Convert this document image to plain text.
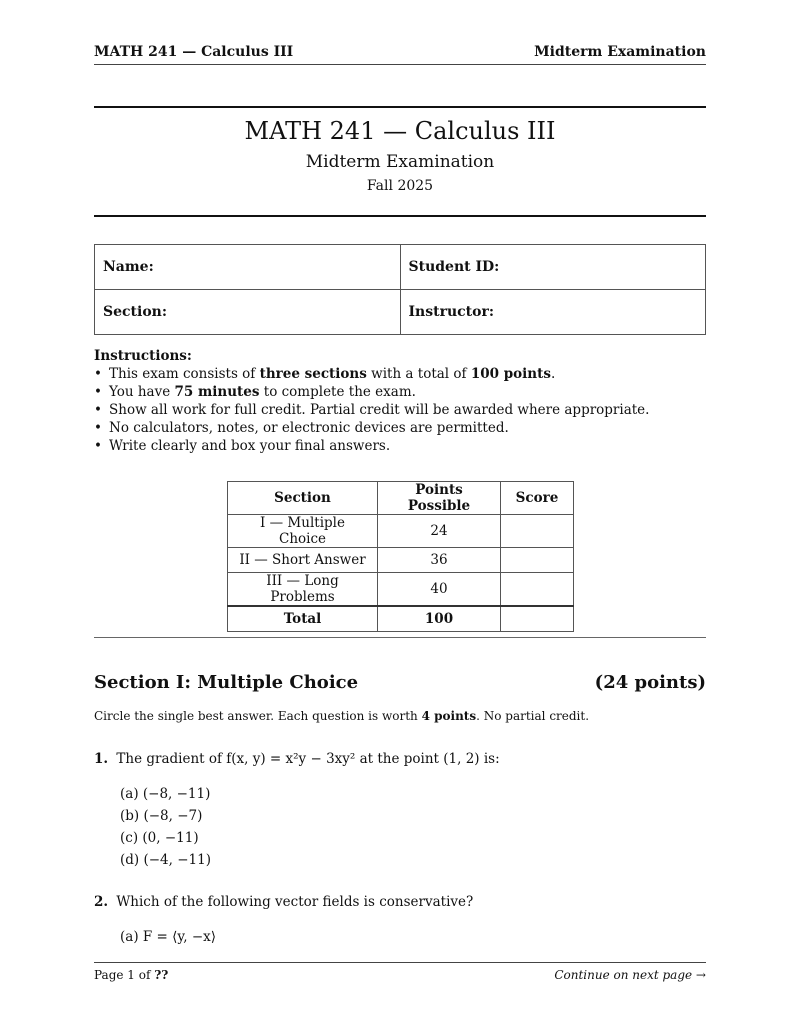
MATH 241 — Calculus III	Midterm Examination
MATH 241 — Calculus III
Midterm Examination
Fall 2025
Name:	Student ID:
Section:	Instructor:
Instructions:
• This exam consists of three sections with a total of 100 points.
• You have 75 minutes to complete the exam.
• Show all work for full credit. Partial credit will be awarded where appropriate.
• No calculators, notes, or electronic devices are permitted.
• Write clearly and box your final answers.
Section	Points Possible	Score
I — Multiple Choice	24	
II — Short Answer	36	
III — Long Problems	40	
Total	100	
Section I: Multiple Choice	(24 points)
Circle the single best answer. Each question is worth 4 points. No partial credit.
1. The gradient of f(x, y) = x²y − 3xy² at the point (1, 2) is:
(a) (−8, −11)
(b) (−8, −7)
(c) (0, −11)
(d) (−4, −11)
2. Which of the following vector fields is conservative?
(a) F = ⟨y, −x⟩
Page 1 of ??	Continue on next page →
